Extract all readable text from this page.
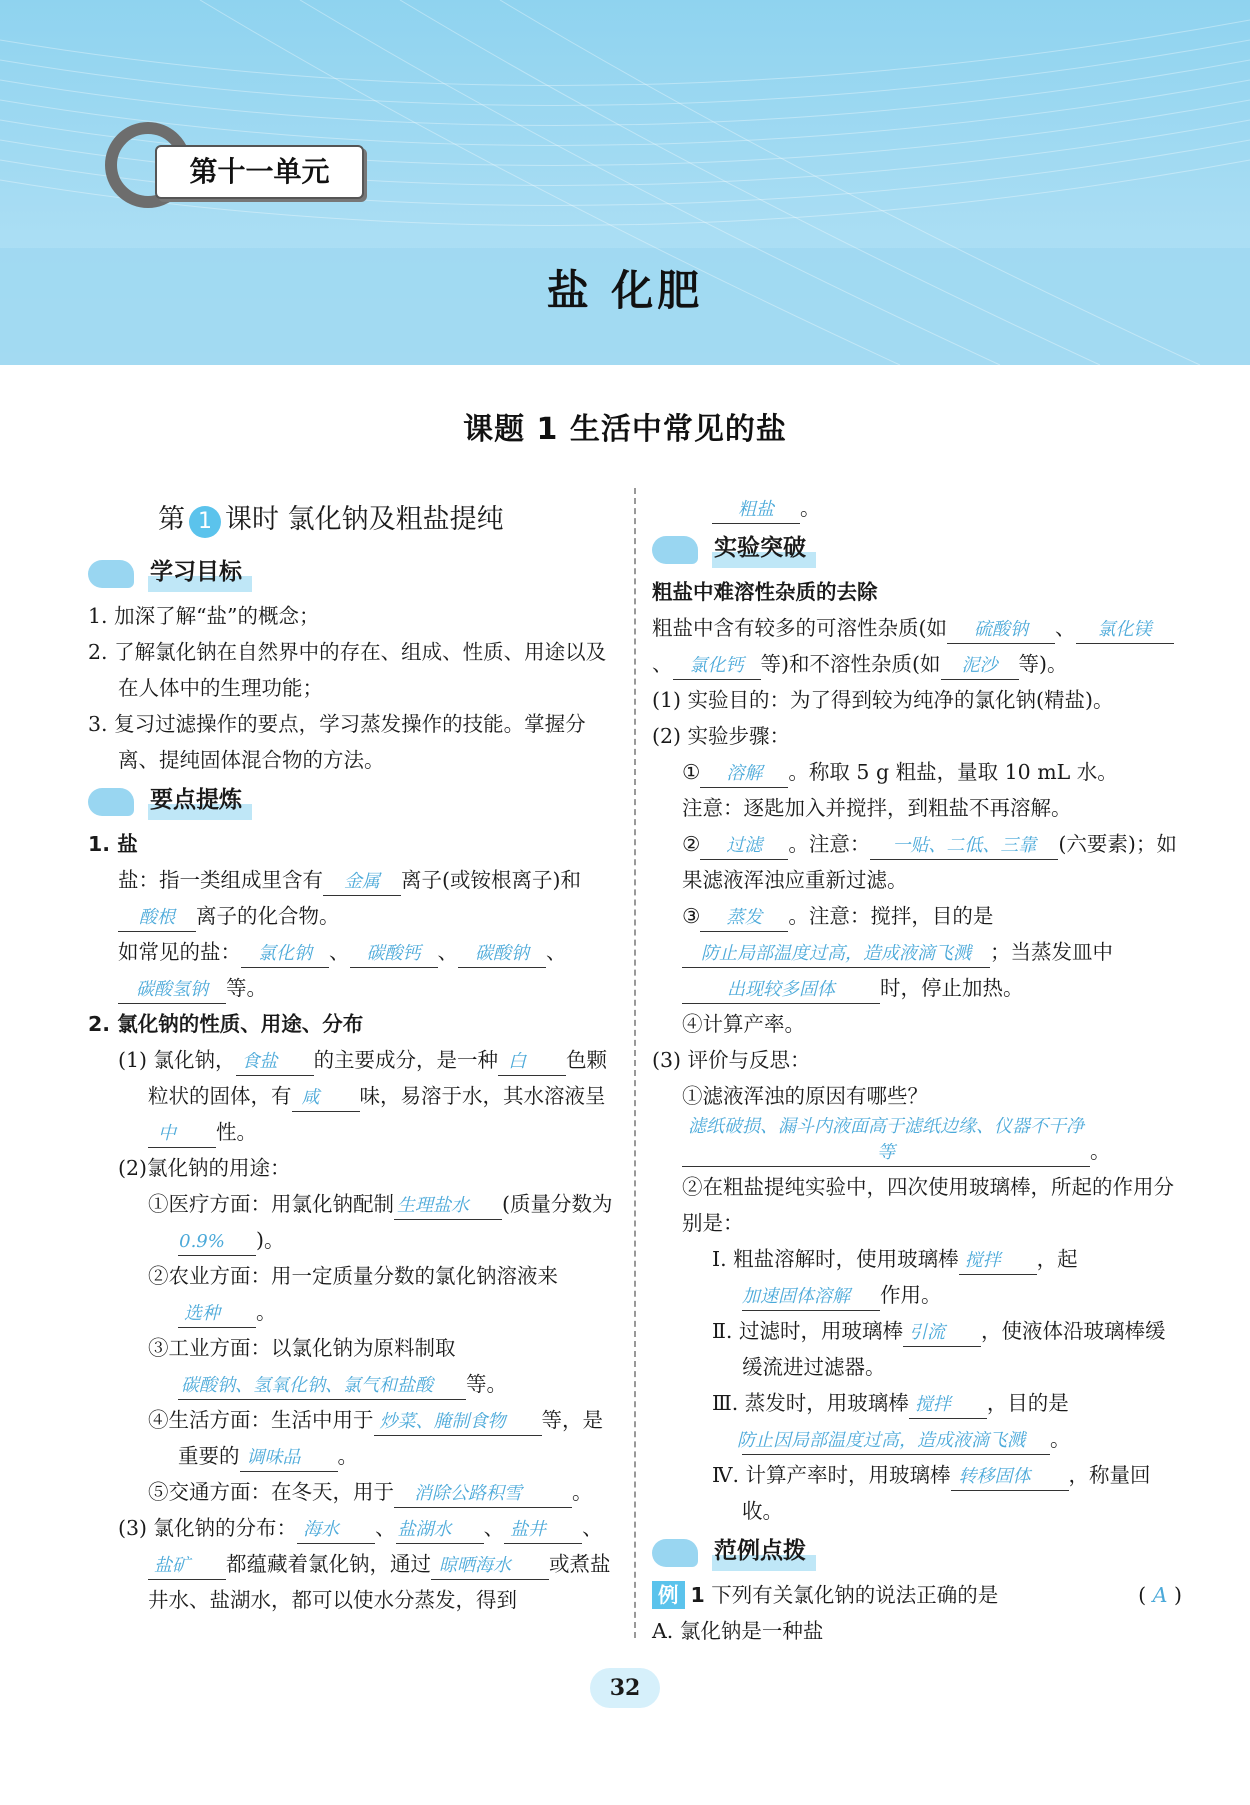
第十一单元
盐 化肥
课题 1 生活中常见的盐

第 1 课时 氯化钠及粗盐提纯

学习目标

1. 加深了解“盐”的概念；

2. 了解氯化钠在自然界中的存在、组成、性质、用途以及在人体中的生理功能；

3. 复习过滤操作的要点，学习蒸发操作的技能。掌握分离、提纯固体混合物的方法。

要点提炼

1. 盐

盐：指一类组成里含有 金属 离子(或铵根离子)和酸根 离子的化合物。

如常见的盐： 氯化钠 、 碳酸钙 、 碳酸钠 、碳酸氢钠 等。

2. 氯化钠的性质、用途、分布

(1) 氯化钠， 食盐 的主要成分，是一种 白 色颗粒状的固体，有 咸 味，易溶于水，其水溶液呈中 性。

(2)氯化钠的用途：

①医疗方面：用氯化钠配制 生理盐水 (质量分数为0.9% )。

②农业方面：用一定质量分数的氯化钠溶液来选种 。

③工业方面：以氯化钠为原料制取碳酸钠、氢氧化钠、氯气和盐酸 等。

④生活方面：生活中用于 炒菜、腌制食物 等，是重要的 调味品 。

⑤交通方面：在冬天，用于 消除公路积雪 。

(3) 氯化钠的分布： 海水 、 盐湖水 、 盐井 、盐矿 都蕴藏着氯化钠，通过 晾晒海水 或煮盐井水、盐湖水，都可以使水分蒸发，得到

粗盐 。

实验突破

粗盐中难溶性杂质的去除

粗盐中含有较多的可溶性杂质(如 硫酸钠 、 氯化镁、 氯化钙 等)和不溶性杂质(如 泥沙 等)。

(1) 实验目的：为了得到较为纯净的氯化钠(精盐)。

(2) 实验步骤：

① 溶解 。称取 5 g 粗盐，量取 10 mL 水。

注意：逐匙加入并搅拌，到粗盐不再溶解。

② 过滤 。注意： 一贴、二低、三靠 (六要素)；如果滤液浑浊应重新过滤。

③ 蒸发 。注意：搅拌，目的是防止局部温度过高，造成液滴飞溅 ；当蒸发皿中出现较多固体 时，停止加热。

④计算产率。

(3) 评价与反思：

①滤液浑浊的原因有哪些？滤纸破损、漏斗内液面高于滤纸边缘、仪器不干净等	。

②在粗盐提纯实验中，四次使用玻璃棒，所起的作用分别是：

Ⅰ. 粗盐溶解时，使用玻璃棒 搅拌 ，起加速固体溶解 作用。

Ⅱ. 过滤时，用玻璃棒 引流 ，使液体沿玻璃棒缓缓流进过滤器。

Ⅲ. 蒸发时，用玻璃棒 搅拌 ，目的是防止因局部温度过高，造成液滴飞溅 。

Ⅳ. 计算产率时，用玻璃棒 转移固体 ，称量回收。

范例点拨

例 1 下列有关氯化钠的说法正确的是	( A )

A. 氯化钠是一种盐

32
